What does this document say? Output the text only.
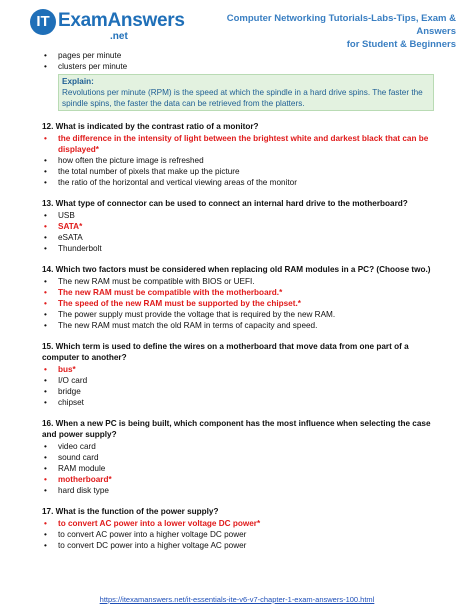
IT ExamAnswers
.net
Computer Networking Tutorials-Labs-Tips, Exam & Answers
for Student & Beginners
• pages per minute
• clusters per minute
Explain:
Revolutions per minute (RPM) is the speed at which the spindle in a hard drive spins. The faster the spindle spins, the faster the data can be retrieved from the platters.
12. What is indicated by the contrast ratio of a monitor?
• the difference in the intensity of light between the brightest white and darkest black that can be displayed*
• how often the picture image is refreshed
• the total number of pixels that make up the picture
• the ratio of the horizontal and vertical viewing areas of the monitor
13. What type of connector can be used to connect an internal hard drive to the motherboard?
• USB
• SATA*
• eSATA
• Thunderbolt
14. Which two factors must be considered when replacing old RAM modules in a PC? (Choose two.)
• The new RAM must be compatible with BIOS or UEFI.
• The new RAM must be compatible with the motherboard.*
• The speed of the new RAM must be supported by the chipset.*
• The power supply must provide the voltage that is required by the new RAM.
• The new RAM must match the old RAM in terms of capacity and speed.
15. Which term is used to define the wires on a motherboard that move data from one part of a computer to another?
• bus*
• I/O card
• bridge
• chipset
16. When a new PC is being built, which component has the most influence when selecting the case and power supply?
• video card
• sound card
• RAM module
• motherboard*
• hard disk type
17. What is the function of the power supply?
• to convert AC power into a lower voltage DC power*
• to convert AC power into a higher voltage DC power
• to convert DC power into a higher voltage AC power
https://itexamanswers.net/it-essentials-ite-v6-v7-chapter-1-exam-answers-100.html
